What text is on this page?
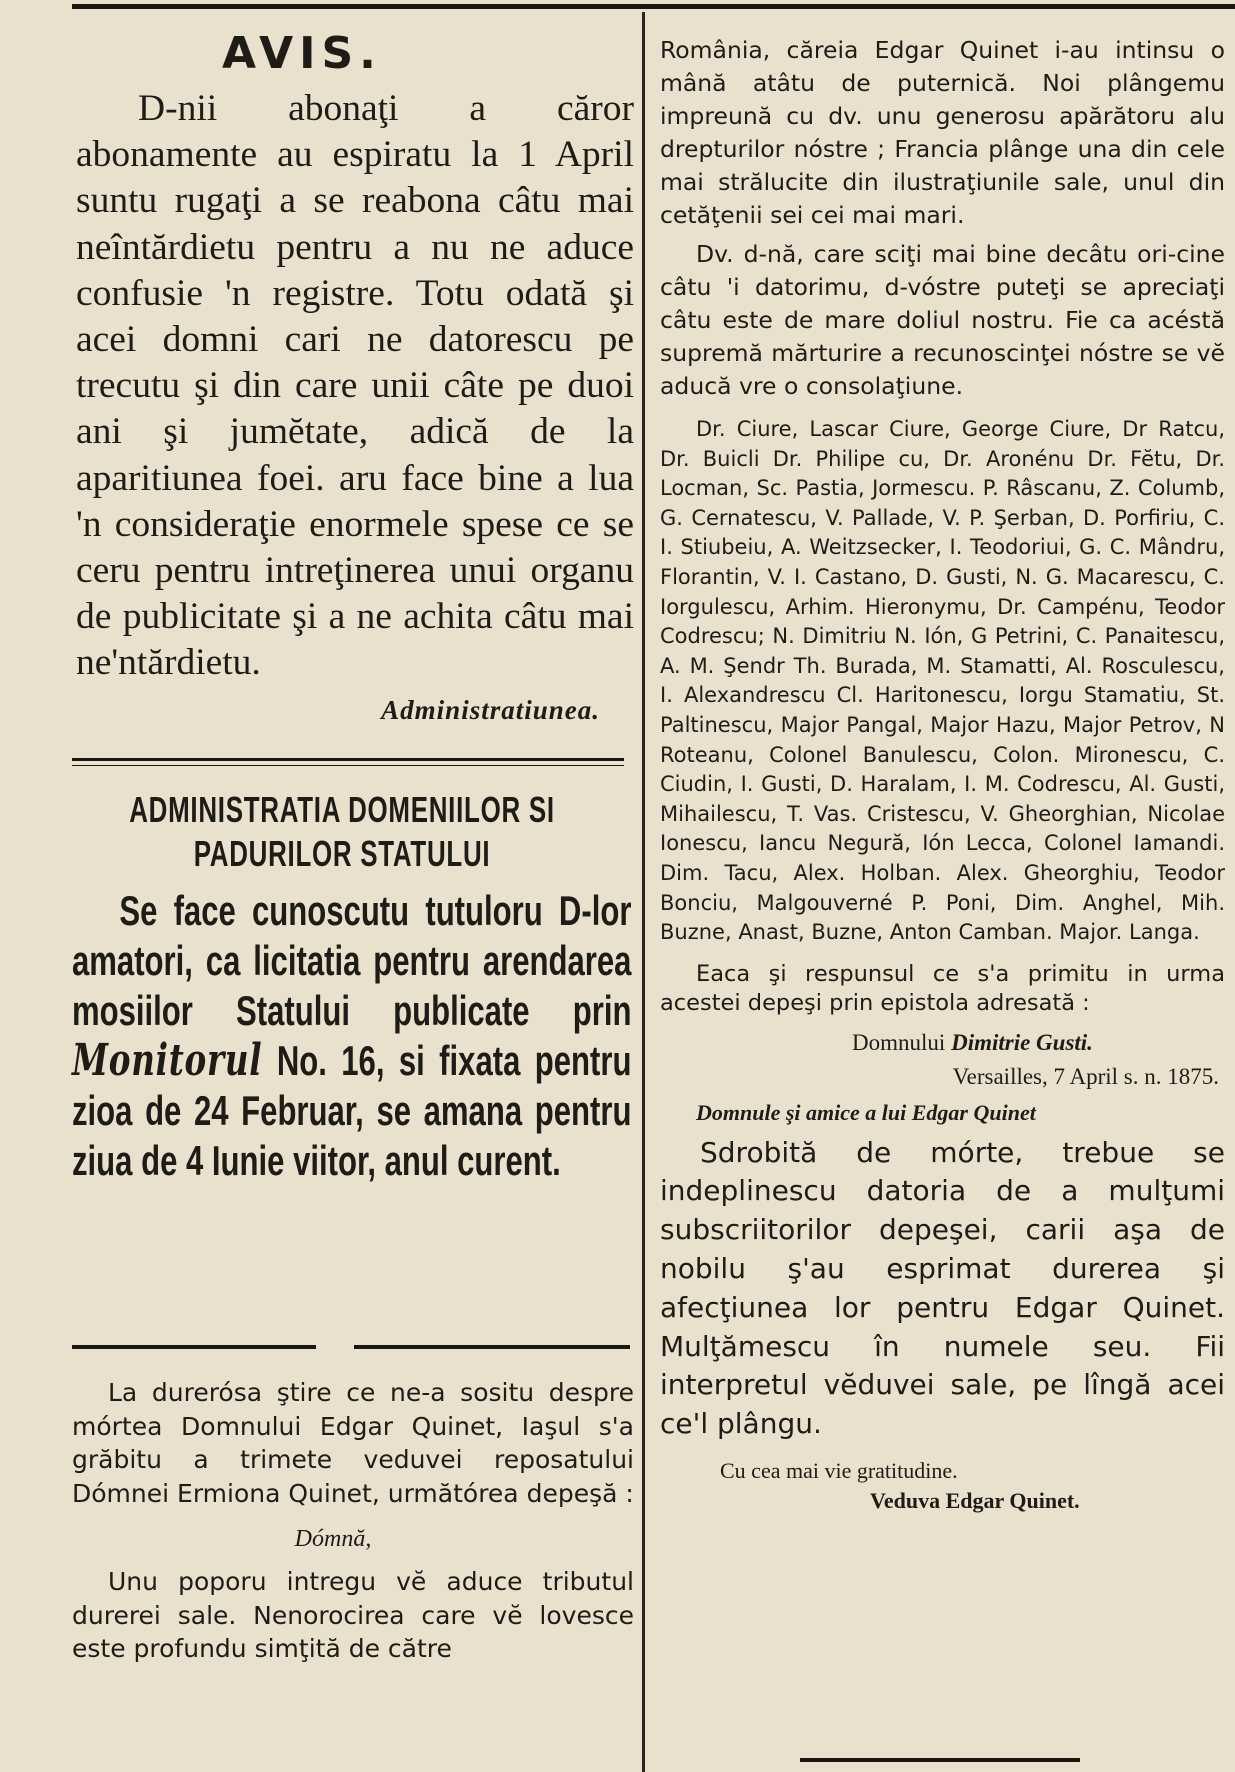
AVIS.

D-nii abonaţi a căror abonamente au espiratu la 1 April suntu rugaţi a se reabona câtu mai neîntărdietu pentru a nu ne aduce confusie 'n registre. Totu odată şi acei domni cari ne datorescu pe trecutu şi din care unii câte pe duoi ani şi jumĕtate, adică de la aparitiunea foei. aru face bine a lua 'n consideraţie enormele spese ce se ceru pentru intreţinerea unui organu de publicitate şi a ne achita câtu mai ne'ntărdietu.

Administratiunea.
ADMINISTRATIA DOMENIILOR SI PADURILOR STATULUI

Se face cunoscutu tutuloru D-lor amatori, ca licitatia pentru arendarea mosiilor Statului publicate prin Monitorul No. 16, si fixata pentru zioa de 24 Februar, se amana pentru ziua de 4 Iunie viitor, anul curent.

La durerósa ştire ce ne-a sositu despre mórtea Domnului Edgar Quinet, Iaşul s'a grăbitu a trimete veduvei reposatului Dómnei Ermiona Quinet, următórea depeşă :

Dómnă,

Unu poporu intregu vĕ aduce tributul durerei sale. Nenorocirea care vĕ lovesce este profundu simţită de către

România, căreia Edgar Quinet i-au intinsu o mână atâtu de puternică. Noi plângemu impreună cu dv. unu generosu apărătoru alu drepturilor nóstre ; Francia plânge una din cele mai strălucite din ilustraţiunile sale, unul din cetăţenii sei cei mai mari.

Dv. d-nă, care sciţi mai bine decâtu ori-cine câtu 'i datorimu, d-vóstre puteţi se apreciaţi câtu este de mare doliul nostru. Fie ca acéstă supremă mărturire a recunoscinţei nóstre se vĕ aducă vre o consolaţiune.

Dr. Ciure, Lascar Ciure, George Ciure, Dr Ratcu, Dr. Buicli Dr. Philipe cu, Dr. Aronénu Dr. Fĕtu, Dr. Locman, Sc. Pastia, Jormescu. P. Râscanu, Z. Columb, G. Cernatescu, V. Pallade, V. P. Şerban, D. Porfiriu, C. I. Stiubeiu, A. Weitzsecker, I. Teodoriui, G. C. Mândru, Florantin, V. I. Castano, D. Gusti, N. G. Macarescu, C. Iorgulescu, Arhim. Hieronymu, Dr. Campénu, Teodor Codrescu; N. Dimitriu N. Ión, G Petrini, C. Panaitescu, A. M. Şendr Th. Burada, M. Stamatti, Al. Rosculescu, I. Alexandrescu Cl. Haritonescu, Iorgu Stamatiu, St. Paltinescu, Major Pangal, Major Hazu, Major Petrov, N Roteanu, Colonel Banulescu, Colon. Mironescu, C. Ciudin, I. Gusti, D. Haralam, I. M. Codrescu, Al. Gusti, Mihailescu, T. Vas. Cristescu, V. Gheorghian, Nicolae Ionescu, Iancu Negură, Ión Lecca, Colonel Iamandi. Dim. Tacu, Alex. Holban. Alex. Gheorghiu, Teodor Bonciu, Malgouverné P. Poni, Dim. Anghel, Mih. Buzne, Anast, Buzne, Anton Camban. Major. Langa.

Eaca şi respunsul ce s'a primitu in urma acestei depeşi prin epistola adresată :

Domnului Dimitrie Gusti.
Versailles, 7 April s. n. 1875.
Domnule şi amice a lui Edgar Quinet

Sdrobită de mórte, trebue se indeplinescu datoria de a mulţumi subscriitorilor depeşei, carii aşa de nobilu ş'au esprimat durerea şi afecţiunea lor pentru Edgar Quinet. Mulţămescu în numele seu. Fii interpretul vĕduvei sale, pe lîngă acei ce'l plângu.

Cu cea mai vie gratitudine.
Veduva Edgar Quinet.
